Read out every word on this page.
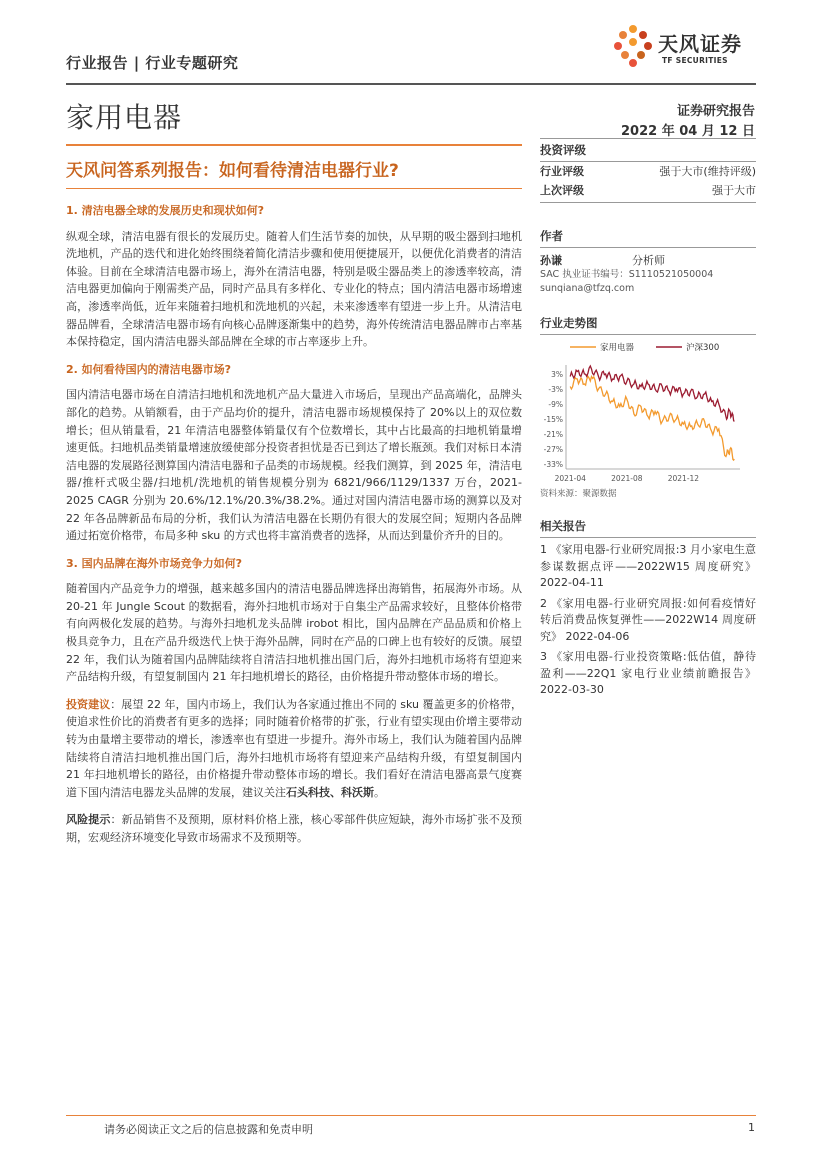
行业报告 | 行业专题研究
天风证券
TF SECURITIES
家用电器	证券研究报告
2022 年 04 月 12 日
天风问答系列报告：如何看待清洁电器行业?
1. 清洁电器全球的发展历史和现状如何?
纵观全球，清洁电器有很长的发展历史。随着人们生活节奏的加快，从早期的吸尘器到扫地机洗地机，产品的迭代和进化始终围绕着简化清洁步骤和使用便捷展开，以便优化消费者的清洁体验。目前在全球清洁电器市场上，海外在清洁电器，特别是吸尘器品类上的渗透率较高，清洁电器更加偏向于刚需类产品，同时产品具有多样化、专业化的特点；国内清洁电器市场增速高，渗透率尚低，近年来随着扫地机和洗地机的兴起，未来渗透率有望进一步上升。从清洁电器品牌看，全球清洁电器市场有向核心品牌逐渐集中的趋势，海外传统清洁电器品牌市占率基本保持稳定，国内清洁电器头部品牌在全球的市占率逐步上升。
2. 如何看待国内的清洁电器市场?
国内清洁电器市场在自清洁扫地机和洗地机产品大量进入市场后，呈现出产品高端化，品牌头部化的趋势。从销额看，由于产品均价的提升，清洁电器市场规模保持了 20%以上的双位数增长；但从销量看，21 年清洁电器整体销量仅有个位数增长，其中占比最高的扫地机销量增速更低。扫地机品类销量增速放缓使部分投资者担忧是否已到达了增长瓶颈。我们对标日本清洁电器的发展路径测算国内清洁电器和子品类的市场规模。经我们测算，到 2025 年，清洁电器/推杆式吸尘器/扫地机/洗地机的销售规模分别为 6821/966/1129/1337 万台，2021-2025 CAGR 分别为 20.6%/12.1%/20.3%/38.2%。通过对国内清洁电器市场的测算以及对 22 年各品牌新品布局的分析，我们认为清洁电器在长期仍有很大的发展空间；短期内各品牌通过拓宽价格带，布局多种 sku 的方式也将丰富消费者的选择，从而达到量价齐升的目的。
3. 国内品牌在海外市场竞争力如何?
随着国内产品竞争力的增强，越来越多国内的清洁电器品牌选择出海销售，拓展海外市场。从 20-21 年 Jungle Scout 的数据看，海外扫地机市场对于自集尘产品需求较好，且整体价格带有向两极化发展的趋势。与海外扫地机龙头品牌 irobot 相比，国内品牌在产品品质和价格上极具竞争力，且在产品升级迭代上快于海外品牌，同时在产品的口碑上也有较好的反馈。展望 22 年，我们认为随着国内品牌陆续将自清洁扫地机推出国门后，海外扫地机市场将有望迎来产品结构升级，有望复制国内 21 年扫地机增长的路径，由价格提升带动整体市场的增长。
投资建议：展望 22 年，国内市场上，我们认为各家通过推出不同的 sku 覆盖更多的价格带，使追求性价比的消费者有更多的选择；同时随着价格带的扩张，行业有望实现由价增主要带动转为由量增主要带动的增长，渗透率也有望进一步提升。海外市场上，我们认为随着国内品牌陆续将自清洁扫地机推出国门后，海外扫地机市场将有望迎来产品结构升级，有望复制国内 21 年扫地机增长的路径，由价格提升带动整体市场的增长。我们看好在清洁电器高景气度赛道下国内清洁电器龙头品牌的发展，建议关注石头科技、科沃斯。
风险提示：新品销售不及预期，原材料价格上涨，核心零部件供应短缺，海外市场扩张不及预期，宏观经济环境变化导致市场需求不及预期等。
投资评级
行业评级	强于大市(维持评级)
上次评级	强于大市
作者
孙谦	分析师
SAC 执业证书编号：S1110521050004
sunqiana@tfzq.com
行业走势图
家用电器	沪深300
3%
-3%
-9%
-15%
-21%
-27%
-33%
2021-04	2021-08	2021-12
资料来源：聚源数据
相关报告
1 《家用电器-行业研究周报:3 月小家电生意参谋数据点评——2022W15 周度研究》 2022-04-11
2 《家用电器-行业研究周报:如何看疫情好转后消费品恢复弹性——2022W14 周度研究》 2022-04-06
3 《家用电器-行业投资策略:低估值，静待盈利——22Q1 家电行业业绩前瞻报告》 2022-03-30
请务必阅读正文之后的信息披露和免责申明	1
